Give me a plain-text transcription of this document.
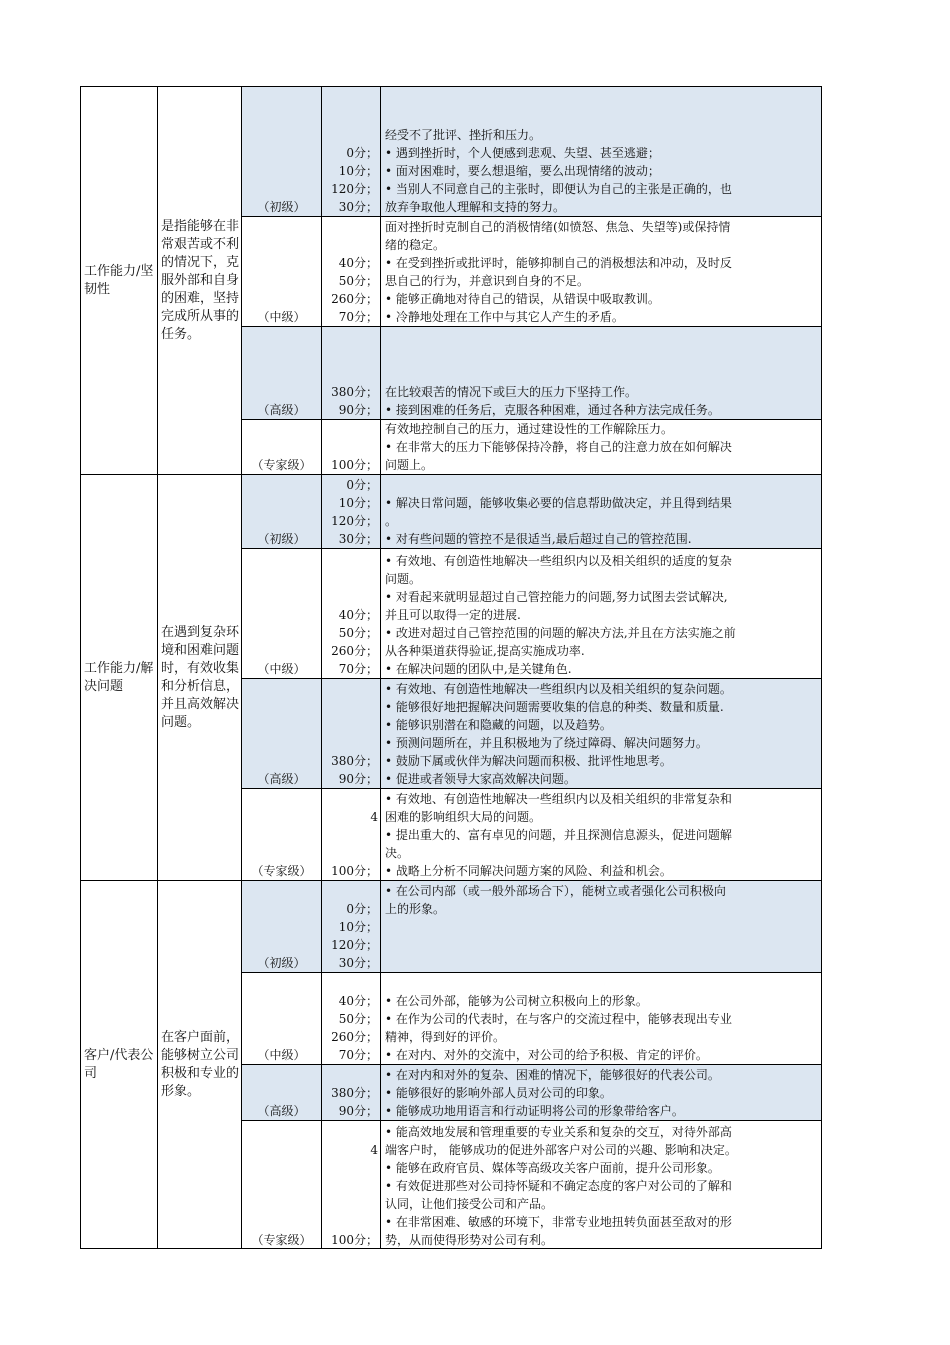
工作能力/坚韧性
是指能够在非常艰苦或不利的情况下，克服外部和自身的困难，坚持完成所从事的任务。
（初级）
0分；
10分；
120分；
30分；
经受不了批评、挫折和压力。
• 遇到挫折时，个人便感到悲观、失望、甚至逃避；
• 面对困难时，要么想退缩，要么出现情绪的波动；
• 当别人不同意自己的主张时，即便认为自己的主张是正确的，也
放弃争取他人理解和支持的努力。
（中级）
40分；
50分；
260分；
70分；
面对挫折时克制自己的消极情绪(如愤怒、焦急、失望等)或保持情
绪的稳定。
• 在受到挫折或批评时，能够抑制自己的消极想法和冲动，及时反
思自己的行为，并意识到自身的不足。
• 能够正确地对待自己的错误，从错误中吸取教训。
• 冷静地处理在工作中与其它人产生的矛盾。
（高级）
380分；
90分；
在比较艰苦的情况下或巨大的压力下坚持工作。
• 接到困难的任务后，克服各种困难，通过各种方法完成任务。
（专家级）

	100分；
有效地控制自己的压力，通过建设性的工作解除压力。
• 在非常大的压力下能够保持冷静，将自己的注意力放在如何解决
问题上。
工作能力/解决问题
在遇到复杂环境和困难问题时，有效收集和分析信息，并且高效解决问题。
（初级）
0分；
10分；
120分；
30分；
• 解决日常问题，能够收集必要的信息帮助做决定，并且得到结果
。
• 对有些问题的管控不是很适当,最后超过自己的管控范围.
（中级）
40分；
50分；
260分；
70分；
• 有效地、有创造性地解决一些组织内以及相关组织的适度的复杂
问题。
• 对看起来就明显超过自己管控能力的问题,努力试图去尝试解决,
并且可以取得一定的进展.
• 改进对超过自己管控范围的问题的解决方法,并且在方法实施之前
从各种渠道获得验证,提高实施成功率.
• 在解决问题的团队中,是关键角色.
（高级）
380分；
90分；
• 有效地、有创造性地解决一些组织内以及相关组织的复杂问题。
• 能够很好地把握解决问题需要收集的信息的种类、数量和质量.
• 能够识别潜在和隐藏的问题，以及趋势。
• 预测问题所在，并且积极地为了绕过障碍、解决问题努力。
• 鼓励下属或伙伴为解决问题而积极、批评性地思考。
• 促进或者领导大家高效解决问题。
（专家级）
4

100分；
• 有效地、有创造性地解决一些组织内以及相关组织的非常复杂和
困难的影响组织大局的问题。
• 提出重大的、富有卓见的问题，并且探测信息源头，促进问题解
决。
• 战略上分析不同解决问题方案的风险、利益和机会。
客户/代表公司
在客户面前，能够树立公司积极和专业的形象。
（初级）
0分；
10分；
120分；
30分；
• 在公司内部（或一般外部场合下），能树立或者强化公司积极向
上的形象。

（中级）
40分；
50分；
260分；
70分；
• 在公司外部，能够为公司树立积极向上的形象。
• 在作为公司的代表时，在与客户的交流过程中，能够表现出专业
精神，得到好的评价。
• 在对内、对外的交流中，对公司的给予积极、肯定的评价。
（高级）
380分；
90分；
• 在对内和对外的复杂、困难的情况下，能够很好的代表公司。
• 能够很好的影响外部人员对公司的印象。
• 能够成功地用语言和行动证明将公司的形象带给客户。
（专家级）
4

100分；
• 能高效地发展和管理重要的专业关系和复杂的交互，对待外部高
端客户时， 能够成功的促进外部客户对公司的兴趣、影响和决定。
• 能够在政府官员、媒体等高级攻关客户面前，提升公司形象。
• 有效促进那些对公司持怀疑和不确定态度的客户对公司的了解和
认同，让他们接受公司和产品。
• 在非常困难、敏感的环境下，非常专业地扭转负面甚至敌对的形
势，从而使得形势对公司有利。
